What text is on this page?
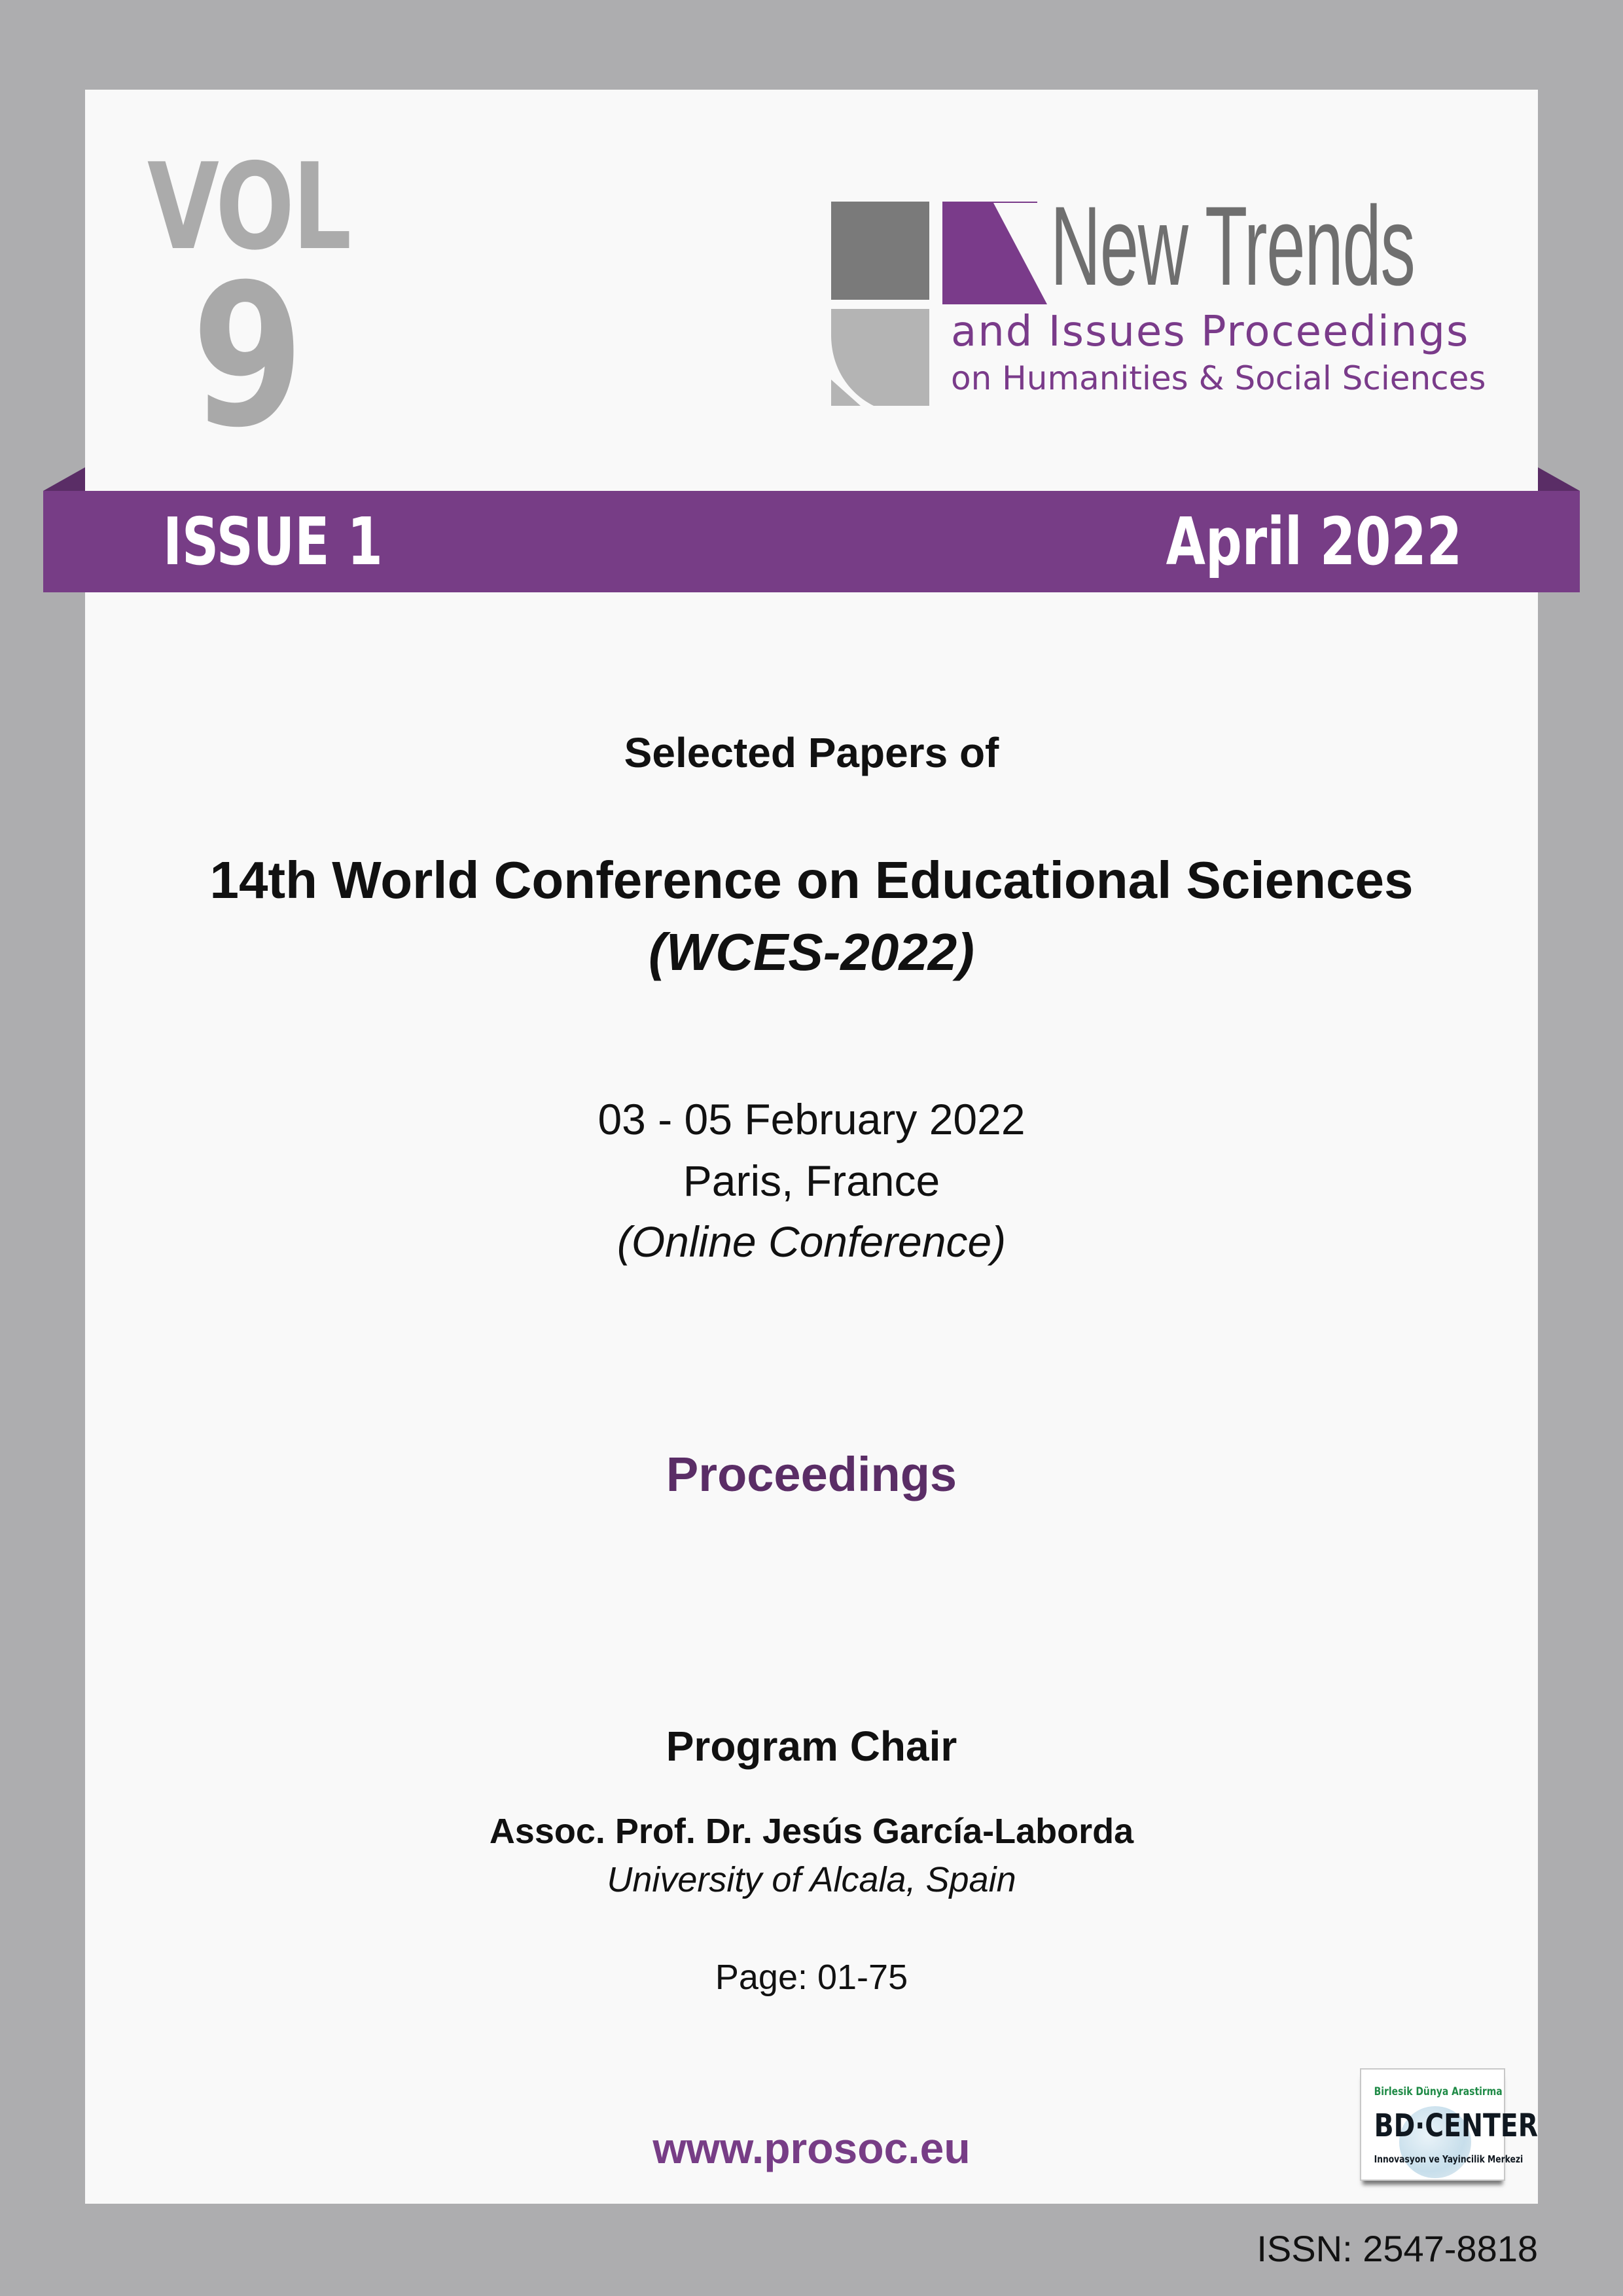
VOL
9	New Trends
and Issues Proceedings
on Humanities & Social Sciences
ISSUE 1	April 2022
Selected Papers of
14th World Conference on Educational Sciences
(WCES-2022)
03 - 05 February 2022
Paris, France
(Online Conference)
Proceedings
Program Chair
Assoc. Prof. Dr. Jesús García-Laborda
University of Alcala, Spain
Page: 01-75
www.prosoc.eu
Birlesik Dünya Arastirma
BD·CENTER
Innovasyon ve Yayincilik Merkezi
ISSN: 2547-8818
